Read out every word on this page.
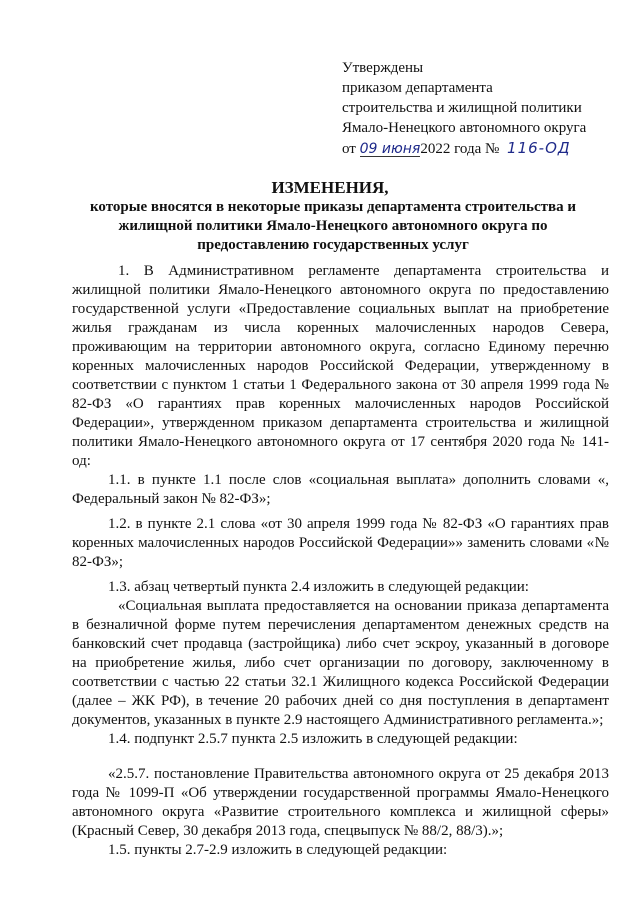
Утверждены
приказом департамента
строительства и жилищной политики
Ямало-Ненецкого автономного округа
от 09 июня2022 года № 116-ОД
ИЗМЕНЕНИЯ,
которые вносятся в некоторые приказы департамента строительства и жилищной политики Ямало-Ненецкого автономного округа по предоставлению государственных услуг

1. В Административном регламенте департамента строительства и жилищной политики Ямало-Ненецкого автономного округа по предоставлению государственной услуги «Предоставление социальных выплат на приобретение жилья гражданам из числа коренных малочисленных народов Севера, проживающим на территории автономного округа, согласно Единому перечню коренных малочисленных народов Российской Федерации, утвержденному в соответствии с пунктом 1 статьи 1 Федерального закона от 30 апреля 1999 года № 82-ФЗ «О гарантиях прав коренных малочисленных народов Российской Федерации», утвержденном приказом департамента строительства и жилищной политики Ямало-Ненецкого автономного округа от 17 сентября 2020 года № 141-од:

1.1. в пункте 1.1 после слов «социальная выплата» дополнить словами «, Федеральный закон № 82-ФЗ»;

1.2. в пункте 2.1 слова «от 30 апреля 1999 года № 82-ФЗ «О гарантиях прав коренных малочисленных народов Российской Федерации»» заменить словами «№ 82-ФЗ»;

1.3. абзац четвертый пункта 2.4 изложить в следующей редакции:

«Социальная выплата предоставляется на основании приказа департамента в безналичной форме путем перечисления департаментом денежных средств на банковский счет продавца (застройщика) либо счет эскроу, указанный в договоре на приобретение жилья, либо счет организации по договору, заключенному в соответствии с частью 22 статьи 32.1 Жилищного кодекса Российской Федерации (далее – ЖК РФ), в течение 20 рабочих дней со дня поступления в департамент документов, указанных в пункте 2.9 настоящего Административного регламента.»;

1.4. подпункт 2.5.7 пункта 2.5 изложить в следующей редакции:

«2.5.7. постановление Правительства автономного округа от 25 декабря 2013 года № 1099-П «Об утверждении государственной программы Ямало-Ненецкого автономного округа «Развитие строительного комплекса и жилищной сферы» (Красный Север, 30 декабря 2013 года, спецвыпуск № 88/2, 88/3).»;

1.5. пункты 2.7-2.9 изложить в следующей редакции:
